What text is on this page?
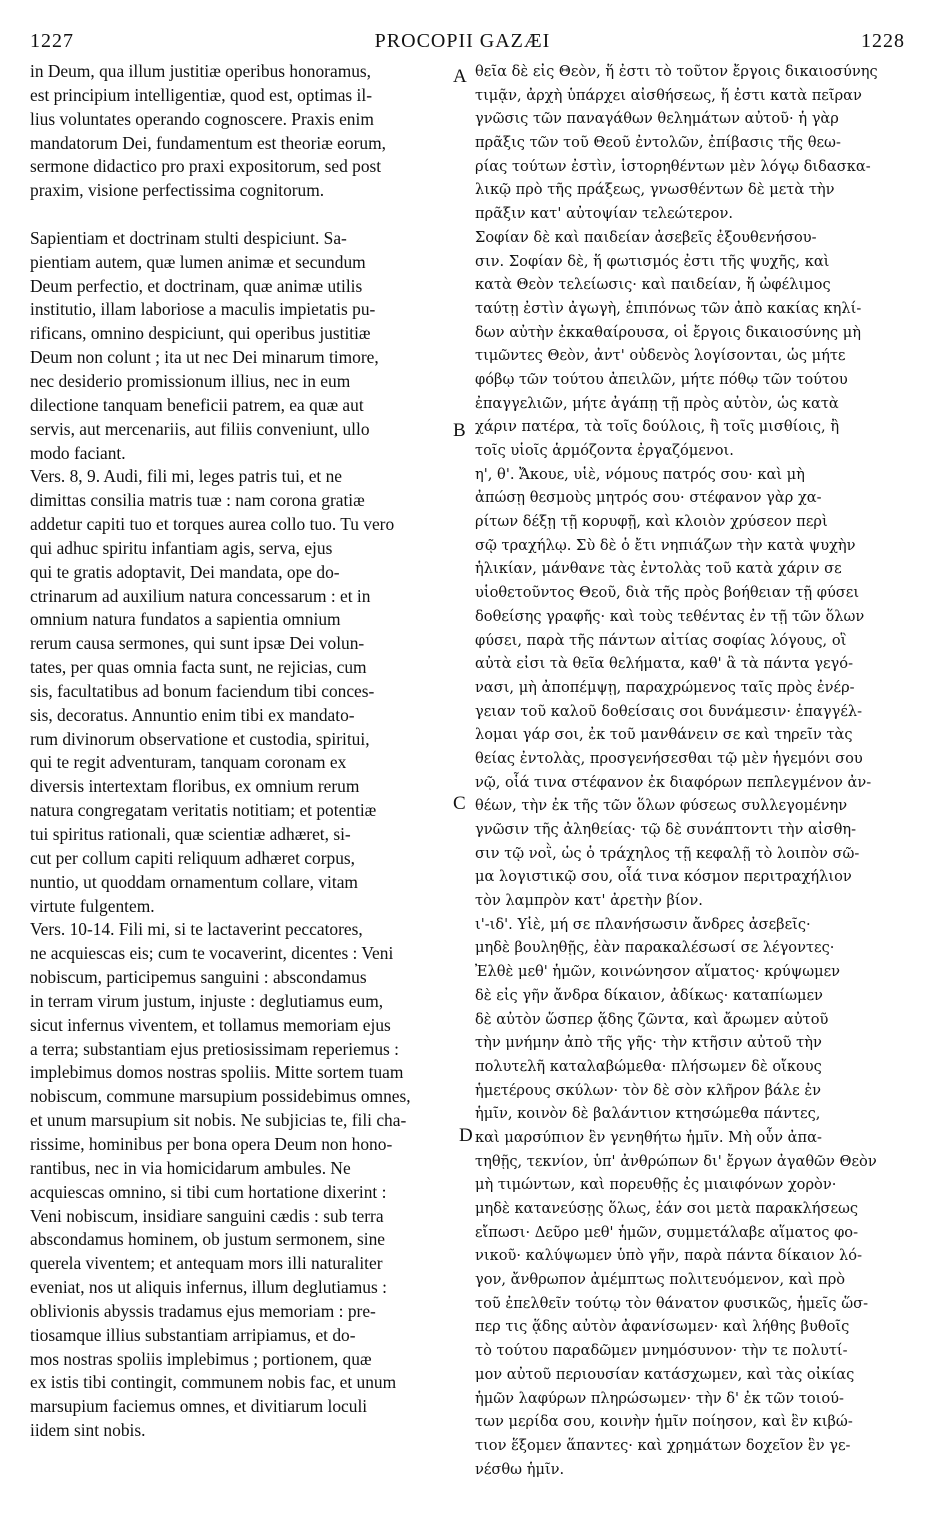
1227	PROCOPII GAZÆI	1228
A
B
C
D
in Deum, qua illum justitiæ operibus honoramus,
est principium intelligentiæ, quod est, optimas il-
lius voluntates operando cognoscere. Praxis enim
mandatorum Dei, fundamentum est theoriæ eorum,
sermone didactico pro praxi expositorum, sed post
praxim, visione perfectissima cognitorum.
Sapientiam et doctrinam stulti despiciunt. Sa-
pientiam autem, quæ lumen animæ et secundum
Deum perfectio, et doctrinam, quæ animæ utilis
institutio, illam laboriose a maculis impietatis pu-
rificans, omnino despiciunt, qui operibus justitiæ
Deum non colunt ; ita ut nec Dei minarum timore,
nec desiderio promissionum illius, nec in eum
dilectione tanquam beneficii patrem, ea quæ aut
servis, aut mercenariis, aut filiis conveniunt, ullo
modo faciant.
Vers. 8, 9. Audi, fili mi, leges patris tui, et ne
dimittas consilia matris tuæ : nam corona gratiæ
addetur capiti tuo et torques aurea collo tuo. Tu vero
qui adhuc spiritu infantiam agis, serva, ejus
qui te gratis adoptavit, Dei mandata, ope do-
ctrinarum ad auxilium natura concessarum : et in
omnium natura fundatos a sapientia omnium
rerum causa sermones, qui sunt ipsæ Dei volun-
tates, per quas omnia facta sunt, ne rejicias, cum
sis, facultatibus ad bonum faciendum tibi conces-
sis, decoratus. Annuntio enim tibi ex mandato-
rum divinorum observatione et custodia, spiritui,
qui te regit adventuram, tanquam coronam ex
diversis intertextam floribus, ex omnium rerum
natura congregatam veritatis notitiam; et potentiæ
tui spiritus rationali, quæ scientiæ adhæret, si-
cut per collum capiti reliquum adhæret corpus,
nuntio, ut quoddam ornamentum collare, vitam
virtute fulgentem.
Vers. 10-14. Fili mi, si te lactaverint peccatores,
ne acquiescas eis; cum te vocaverint, dicentes : Veni
nobiscum, participemus sanguini : abscondamus
in terram virum justum, injuste : deglutiamus eum,
sicut infernus viventem, et tollamus memoriam ejus
a terra; substantiam ejus pretiosissimam reperiemus :
implebimus domos nostras spoliis. Mitte sortem tuam
nobiscum, commune marsupium possidebimus omnes,
et unum marsupium sit nobis. Ne subjicias te, fili cha-
rissime, hominibus per bona opera Deum non hono-
rantibus, nec in via homicidarum ambules. Ne
acquiescas omnino, si tibi cum hortatione dixerint :
Veni nobiscum, insidiare sanguini cædis : sub terra
abscondamus hominem, ob justum sermonem, sine
querela viventem; et antequam mors illi naturaliter
eveniat, nos ut aliquis infernus, illum deglutiamus :
oblivionis abyssis tradamus ejus memoriam : pre-
tiosamque illius substantiam arripiamus, et do-
mos nostras spoliis implebimus ; portionem, quæ
ex istis tibi contingit, communem nobis fac, et unum
marsupium faciemus omnes, et divitiarum loculi
iidem sint nobis.
θεῖα δὲ εἰς Θεὸν, ἥ ἐστι τὸ τοῦτον ἔργοις δικαιοσύνης
τιμᾷν, ἀρχὴ ὑπάρχει αἰσθήσεως, ἥ ἐστι κατὰ πεῖραν
γνῶσις τῶν παναγάθων θελημάτων αὐτοῦ· ἡ γὰρ
πρᾶξις τῶν τοῦ Θεοῦ ἐντολῶν, ἐπίβασις τῆς θεω-
ρίας τούτων ἐστὶν, ἱστορηθέντων μὲν λόγῳ διδασκα-
λικῷ πρὸ τῆς πράξεως, γνωσθέντων δὲ μετὰ τὴν
πρᾶξιν κατ' αὐτοψίαν τελεώτερον.
Σοφίαν δὲ καὶ παιδείαν ἀσεβεῖς ἐξουθενήσου-
σιν. Σοφίαν δὲ, ἥ φωτισμός ἐστι τῆς ψυχῆς, καὶ
κατὰ Θεὸν τελείωσις· καὶ παιδείαν, ἥ ὠφέλιμος
ταύτῃ ἐστὶν ἀγωγὴ, ἐπιπόνως τῶν ἀπὸ κακίας κηλί-
δων αὐτὴν ἐκκαθαίρουσα, οἱ ἔργοις δικαιοσύνης μὴ
τιμῶντες Θεὸν, ἀντ' οὐδενὸς λογίσονται, ὡς μήτε
φόβῳ τῶν τούτου ἀπειλῶν, μήτε πόθῳ τῶν τούτου
ἐπαγγελιῶν, μήτε ἀγάπῃ τῇ πρὸς αὐτὸν, ὡς κατὰ
χάριν πατέρα, τὰ τοῖς δούλοις, ἢ τοῖς μισθίοις, ἢ
τοῖς υἱοῖς ἁρμόζοντα ἐργαζόμενοι.
η', θ'. Ἄκουε, υἱὲ, νόμους πατρός σου· καὶ μὴ
ἀπώσῃ θεσμοὺς μητρός σου· στέφανον γὰρ χα-
ρίτων δέξῃ τῇ κορυφῇ, καὶ κλοιὸν χρύσεον περὶ
σῷ τραχήλῳ. Σὺ δὲ ὁ ἔτι νηπιάζων τὴν κατὰ ψυχὴν
ἡλικίαν, μάνθανε τὰς ἐντολὰς τοῦ κατὰ χάριν σε
υἱοθετοῦντος Θεοῦ, διὰ τῆς πρὸς βοήθειαν τῇ φύσει
δοθείσης γραφῆς· καὶ τοὺς τεθέντας ἐν τῇ τῶν ὅλων
φύσει, παρὰ τῆς πάντων αἰτίας σοφίας λόγους, οἳ
αὐτὰ εἰσι τὰ θεῖα θελήματα, καθ' ἃ τὰ πάντα γεγό-
νασι, μὴ ἀποπέμψῃ, παραχρώμενος ταῖς πρὸς ἐνέρ-
γειαν τοῦ καλοῦ δοθείσαις σοι δυνάμεσιν· ἐπαγγέλ-
λομαι γάρ σοι, ἐκ τοῦ μανθάνειν σε καὶ τηρεῖν τὰς
θείας ἐντολὰς, προσγενήσεσθαι τῷ μὲν ἡγεμόνι σου
νῷ, οἷά τινα στέφανον ἐκ διαφόρων πεπλεγμένον ἀν-
θέων, τὴν ἐκ τῆς τῶν ὅλων φύσεως συλλεγομένην
γνῶσιν τῆς ἀληθείας· τῷ δὲ συνάπτοντι τὴν αἰσθη-
σιν τῷ νοῒ, ὡς ὁ τράχηλος τῇ κεφαλῇ τὸ λοιπὸν σῶ-
μα λογιστικῷ σου, οἷά τινα κόσμον περιτραχήλιον
τὸν λαμπρὸν κατ' ἀρετὴν βίον.
ι'-ιδ'. Υἱὲ, μή σε πλανήσωσιν ἄνδρες ἀσεβεῖς·
μηδὲ βουληθῇς, ἐὰν παρακαλέσωσί σε λέγοντες·
Ἐλθὲ μεθ' ἡμῶν, κοινώνησον αἵματος· κρύψωμεν
δὲ εἰς γῆν ἄνδρα δίκαιον, ἀδίκως· καταπίωμεν
δὲ αὐτὸν ὥσπερ ᾅδης ζῶντα, καὶ ἄρωμεν αὐτοῦ
τὴν μνήμην ἀπὸ τῆς γῆς· τὴν κτῆσιν αὐτοῦ τὴν
πολυτελῆ καταλαβώμεθα· πλήσωμεν δὲ οἴκους
ἡμετέρους σκύλων· τὸν δὲ σὸν κλῆρον βάλε ἐν
ἡμῖν, κοινὸν δὲ βαλάντιον κτησώμεθα πάντες,
καὶ μαρσύπιον ἓν γενηθήτω ἡμῖν. Μὴ οὖν ἀπα-
τηθῇς, τεκνίον, ὑπ' ἀνθρώπων δι' ἔργων ἀγαθῶν Θεὸν
μὴ τιμώντων, καὶ πορευθῇς ἐς μιαιφόνων χορὸν·
μηδὲ κατανεύσῃς ὅλως, ἐάν σοι μετὰ παρακλήσεως
εἴπωσι· Δεῦρο μεθ' ἡμῶν, συμμετάλαβε αἵματος φο-
νικοῦ· καλύψωμεν ὑπὸ γῆν, παρὰ πάντα δίκαιον λό-
γον, ἄνθρωπον ἀμέμπτως πολιτευόμενον, καὶ πρὸ
τοῦ ἐπελθεῖν τούτῳ τὸν θάνατον φυσικῶς, ἡμεῖς ὥσ-
περ τις ᾅδης αὐτὸν ἀφανίσωμεν· καὶ λήθης βυθοῖς
τὸ τούτου παραδῶμεν μνημόσυνον· τὴν τε πολυτί-
μον αὐτοῦ περιουσίαν κατάσχωμεν, καὶ τὰς οἰκίας
ἡμῶν λαφύρων πληρώσωμεν· τὴν δ' ἐκ τῶν τοιού-
των μερίδα σου, κοινὴν ἡμῖν ποίησον, καὶ ἓν κιβώ-
τιον ἕξομεν ἅπαντες· καὶ χρημάτων δοχεῖον ἓν γε-
νέσθω ἡμῖν.
